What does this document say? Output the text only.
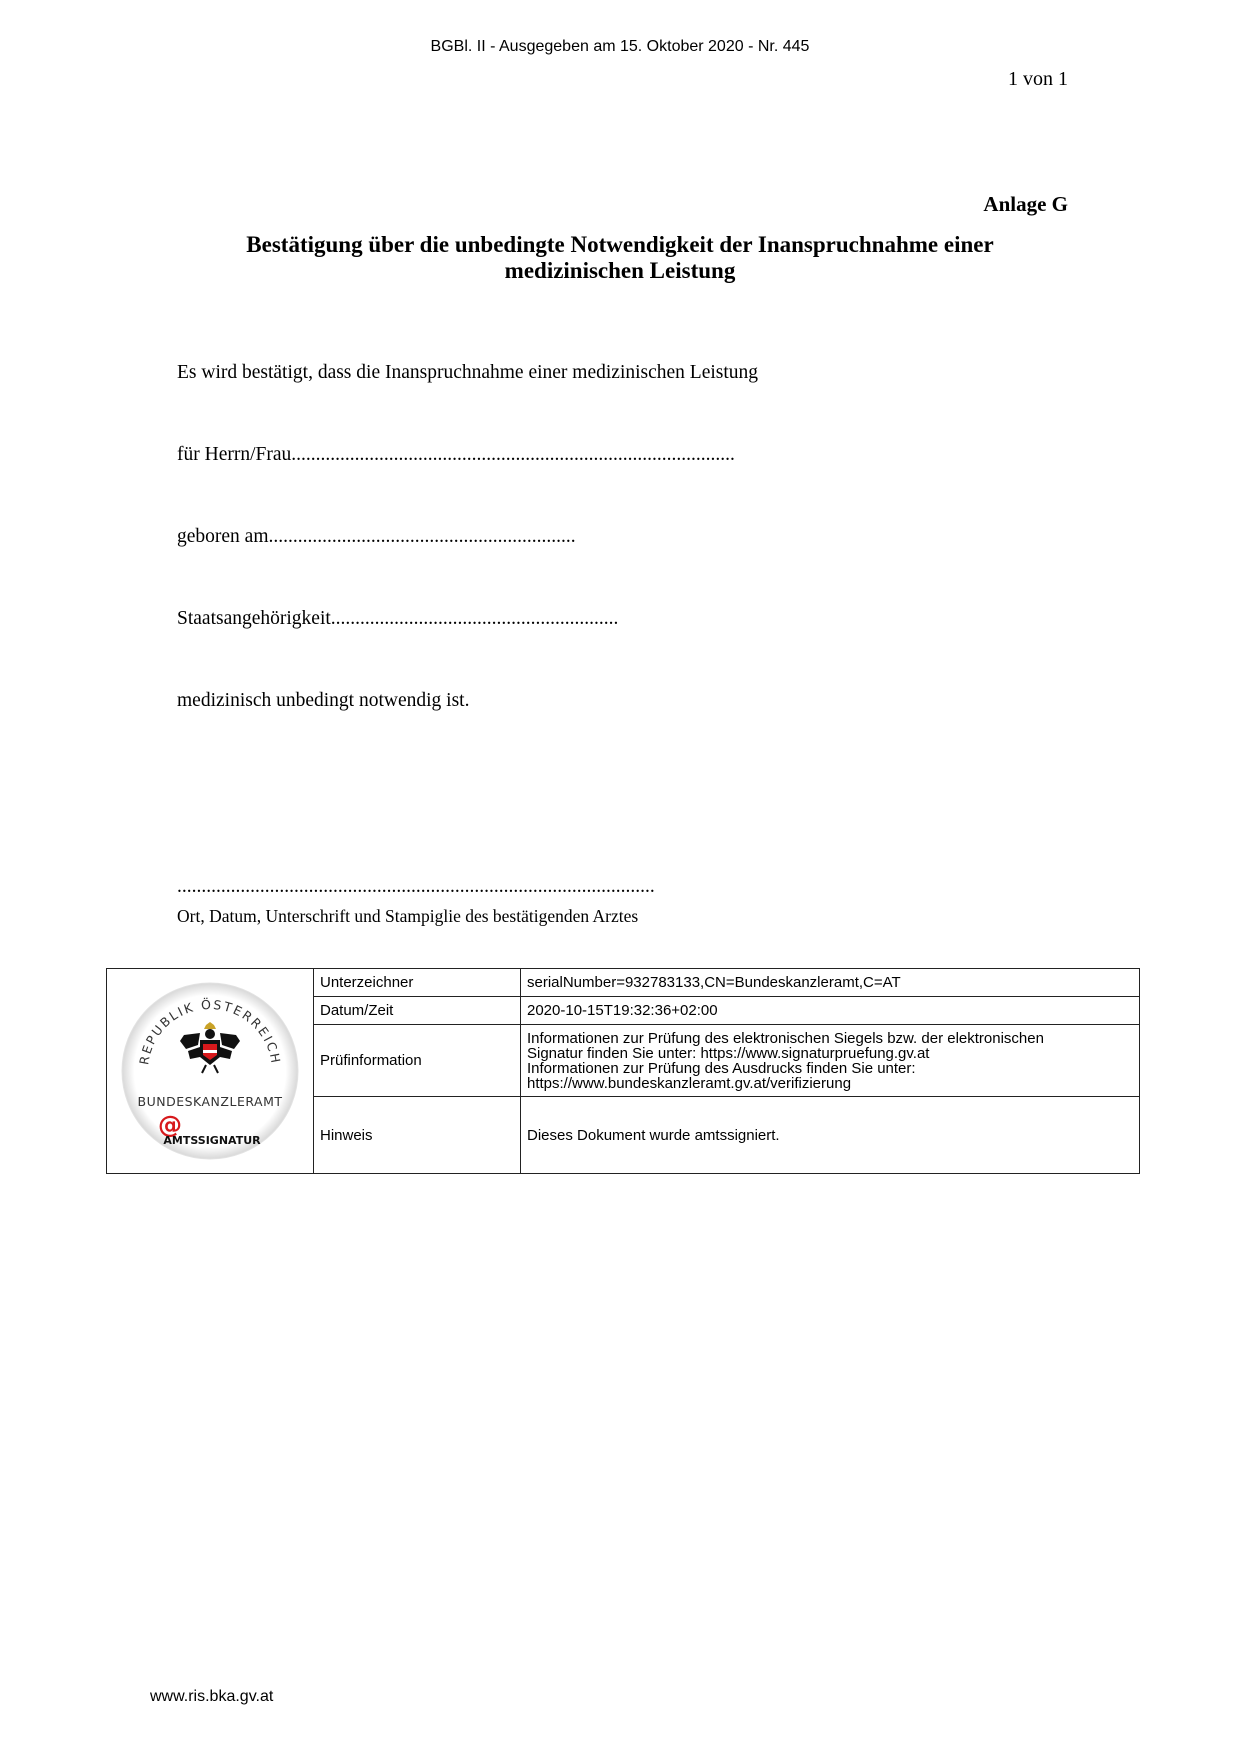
BGBl. II - Ausgegeben am 15. Oktober 2020 - Nr. 445
1 von 1
Anlage G
Bestätigung über die unbedingte Notwendigkeit der Inanspruchnahme einer medizinischen Leistung
Es wird bestätigt, dass die Inanspruchnahme einer medizinischen Leistung
für Herrn/Frau...........................................................................................
geboren am...............................................................
Staatsangehörigkeit...........................................................
medizinisch unbedingt notwendig ist.
..................................................................................................
Ort, Datum, Unterschrift und Stampiglie des bestätigenden Arztes
REPUBLIK ÖSTERREICH
BUNDESKANZLERAMT
@
AMTSSIGNATUR	Unterzeichner	serialNumber=932783133,CN=Bundeskanzleramt,C=AT
	Datum/Zeit	2020-10-15T19:32:36+02:00
	Prüfinformation	Informationen zur Prüfung des elektronischen Siegels bzw. der elektronischen
Signatur finden Sie unter: https://www.signaturpruefung.gv.at
Informationen zur Prüfung des Ausdrucks finden Sie unter:
https://www.bundeskanzleramt.gv.at/verifizierung

	Hinweis	Dieses Dokument wurde amtssigniert.
www.ris.bka.gv.at
